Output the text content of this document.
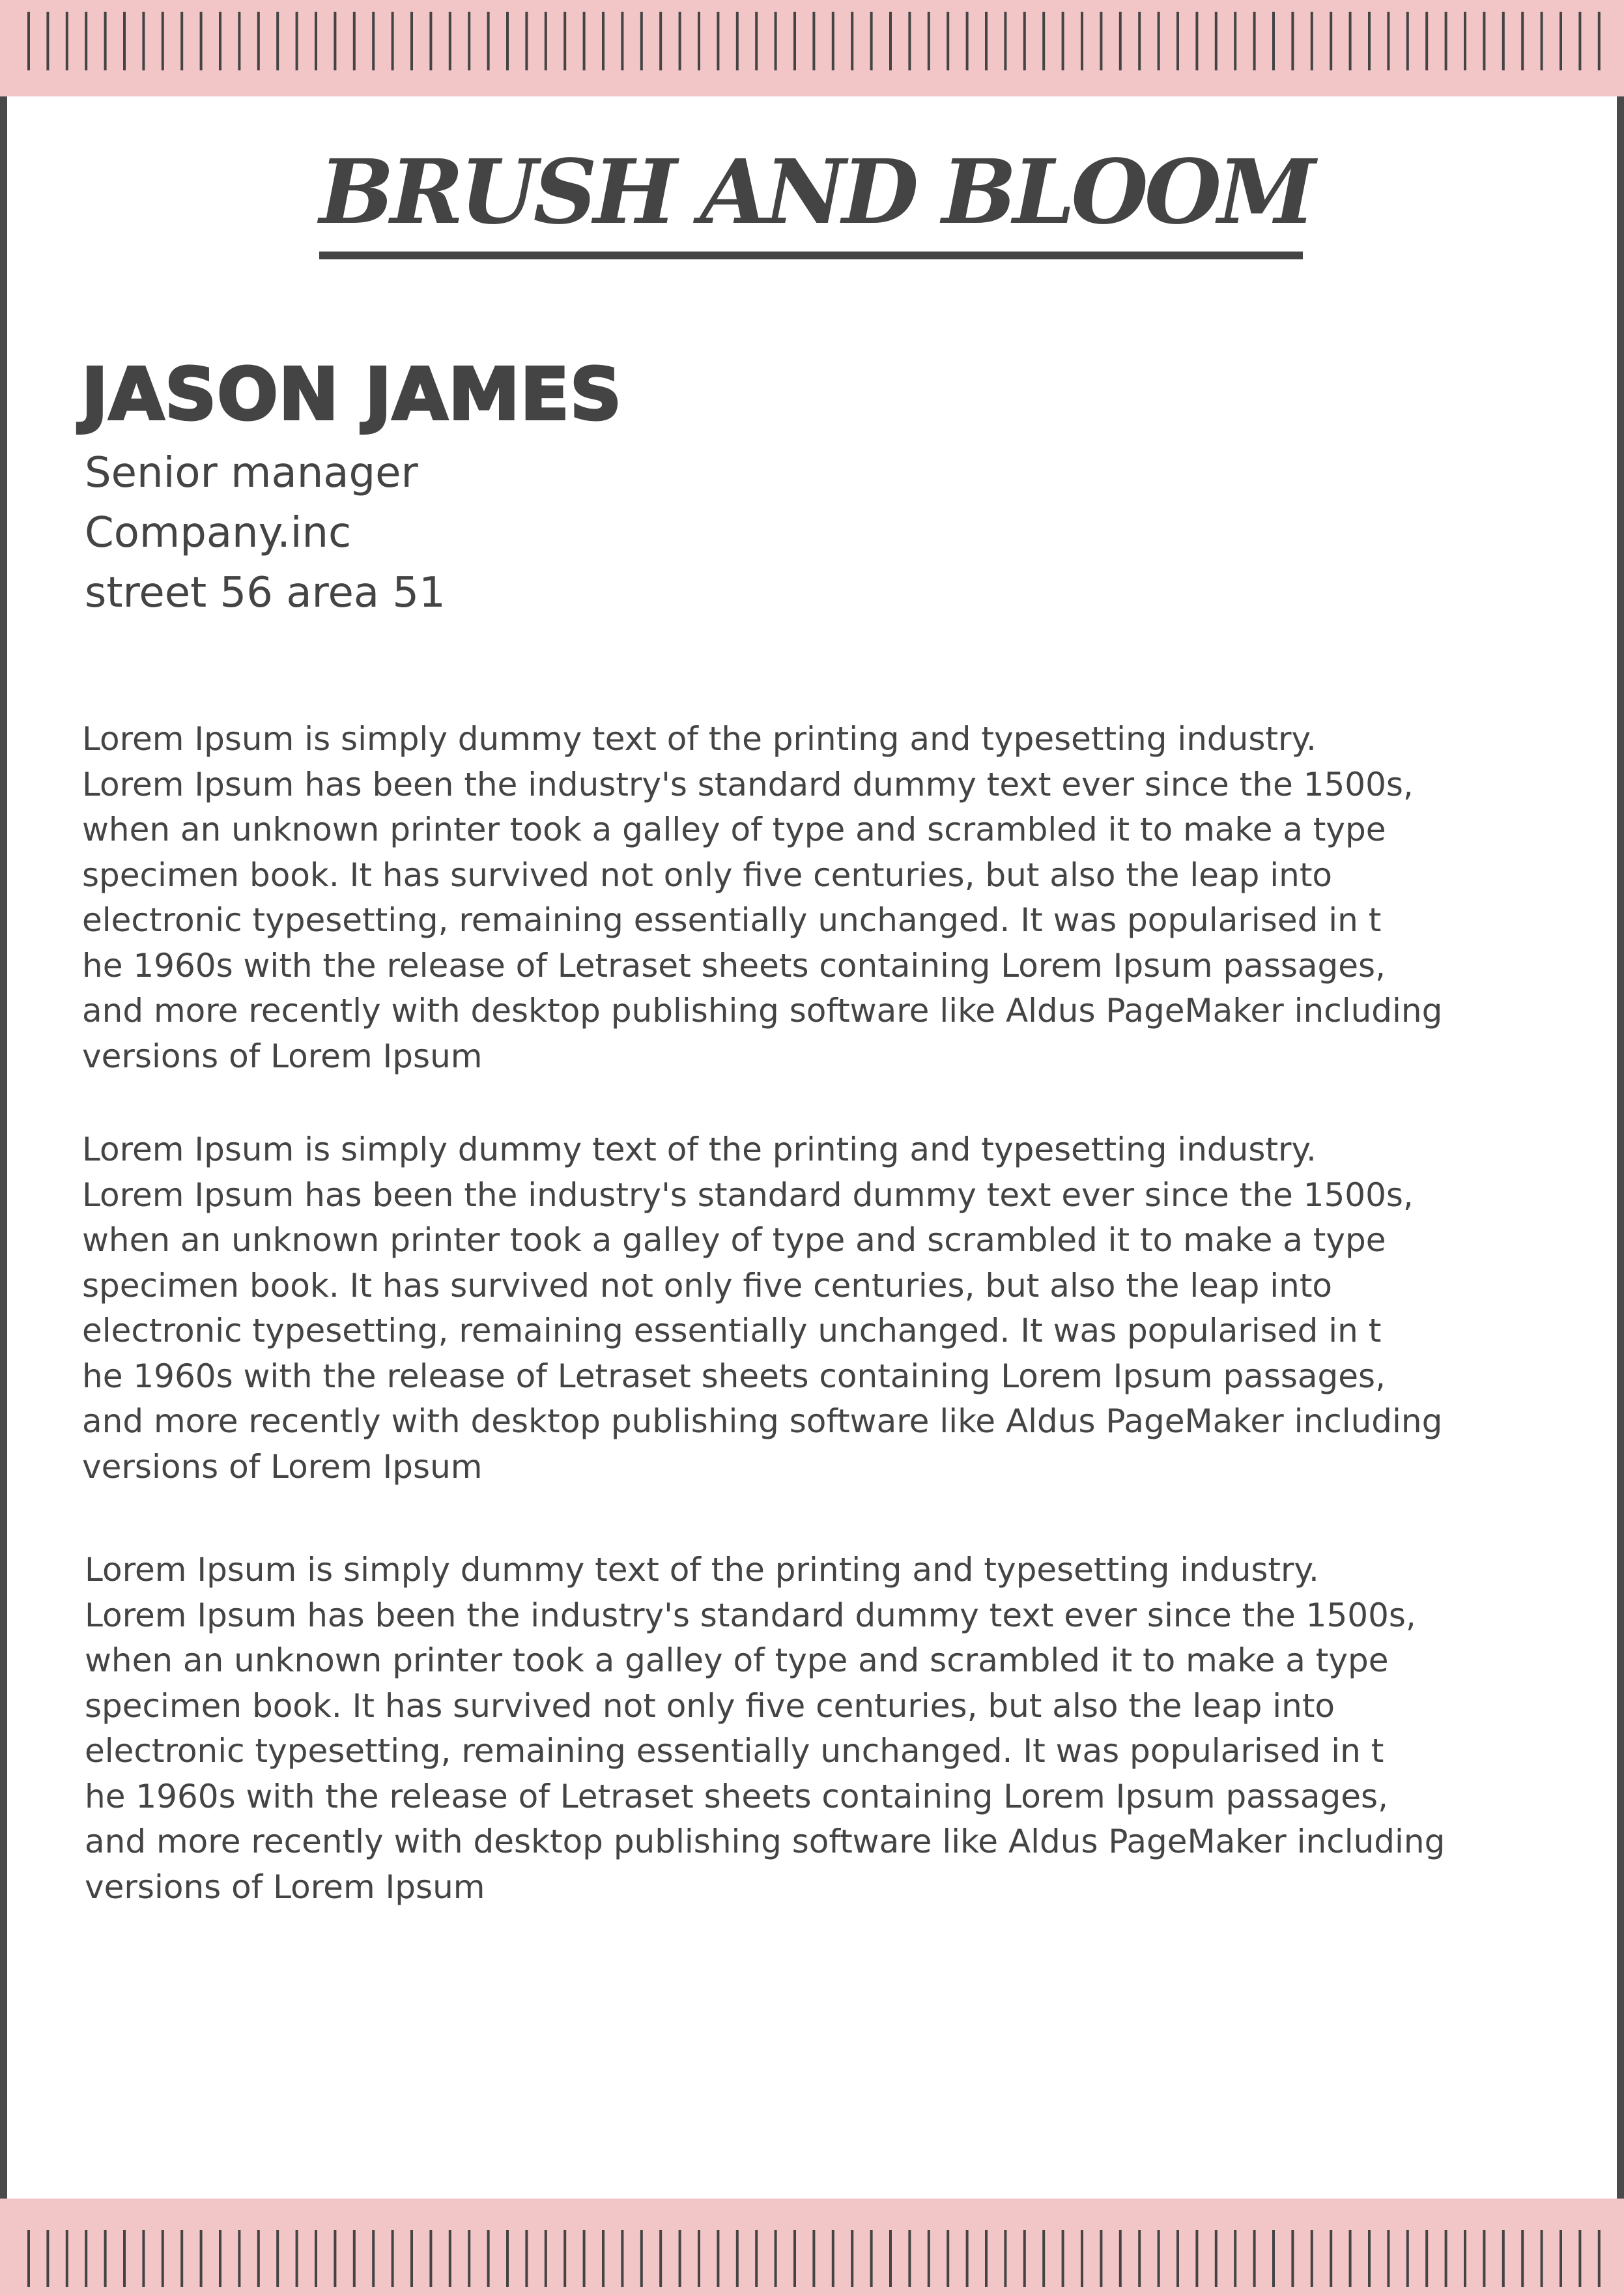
BRUSH AND BLOOM
JASON JAMES
Senior manager
Company.inc
street 56 area 51
Lorem Ipsum is simply dummy text of the printing and typesetting industry.
Lorem Ipsum has been the industry's standard dummy text ever since the 1500s,
when an unknown printer took a galley of type and scrambled it to make a type
specimen book. It has survived not only five centuries, but also the leap into
electronic typesetting, remaining essentially unchanged. It was popularised in t
he 1960s with the release of Letraset sheets containing Lorem Ipsum passages,
and more recently with desktop publishing software like Aldus PageMaker including
versions of Lorem Ipsum
Lorem Ipsum is simply dummy text of the printing and typesetting industry.
Lorem Ipsum has been the industry's standard dummy text ever since the 1500s,
when an unknown printer took a galley of type and scrambled it to make a type
specimen book. It has survived not only five centuries, but also the leap into
electronic typesetting, remaining essentially unchanged. It was popularised in t
he 1960s with the release of Letraset sheets containing Lorem Ipsum passages,
and more recently with desktop publishing software like Aldus PageMaker including
versions of Lorem Ipsum
Lorem Ipsum is simply dummy text of the printing and typesetting industry.
Lorem Ipsum has been the industry's standard dummy text ever since the 1500s,
when an unknown printer took a galley of type and scrambled it to make a type
specimen book. It has survived not only five centuries, but also the leap into
electronic typesetting, remaining essentially unchanged. It was popularised in t
he 1960s with the release of Letraset sheets containing Lorem Ipsum passages,
and more recently with desktop publishing software like Aldus PageMaker including
versions of Lorem Ipsum
